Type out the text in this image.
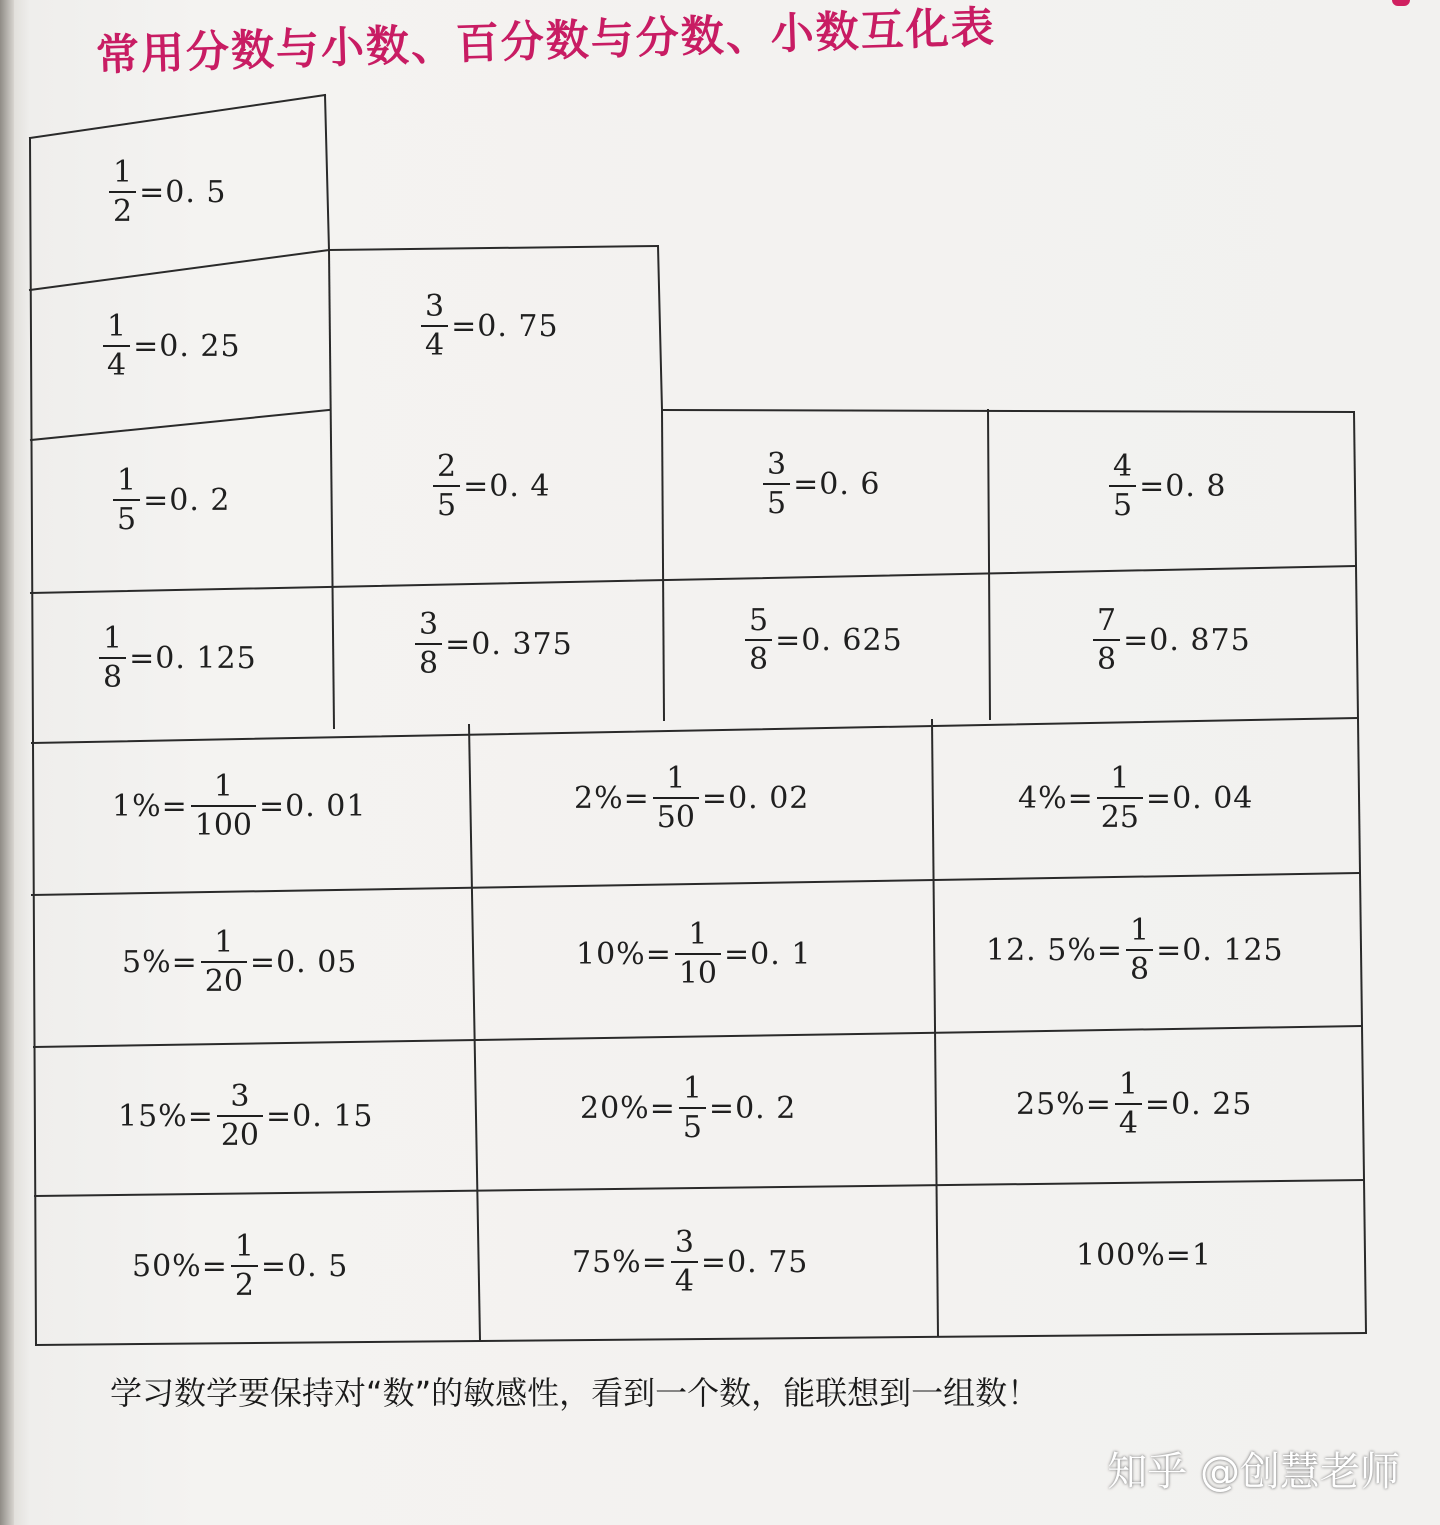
常用分数与小数、百分数与分数、小数互化表
$\frac{1}{2} = 0$. 5
$\frac{1}{4} = 0$. 25	$\frac{3}{4} = 0$. 75
$\frac{1}{5} = 0$. 2	$\frac{2}{5} = 0$. 4	$\frac{3}{5} = 0$. 6	$\frac{4}{5} = 0$. 8
$\frac{1}{8} = 0$. 125	$\frac{3}{8} = 0$. 375	$\frac{5}{8} = 0$. 625	$\frac{7}{8} = 0$. 875
$1\% = \frac{1}{100} = 0$. 01	$2\% = \frac{1}{50} = 0$. 02	$4\% = \frac{1}{25} = 0$. 04
$5\% = \frac{1}{20} = 0$. 05	$10\% = \frac{1}{10} = 0$. 1	12. $5\% = \frac{1}{8} = 0$. 125
$15\% = \frac{3}{20} = 0$. 15	$20\% = \frac{1}{5} = 0$. 2	$25\% = \frac{1}{4} = 0$. 25
$50\% = \frac{1}{2} = 0$. 5	$75\% = \frac{3}{4} = 0$. 75	100% = 1
学习数学要保持对“数”的敏感性，看到一个数，能联想到一组数！
知乎 @创慧老师
